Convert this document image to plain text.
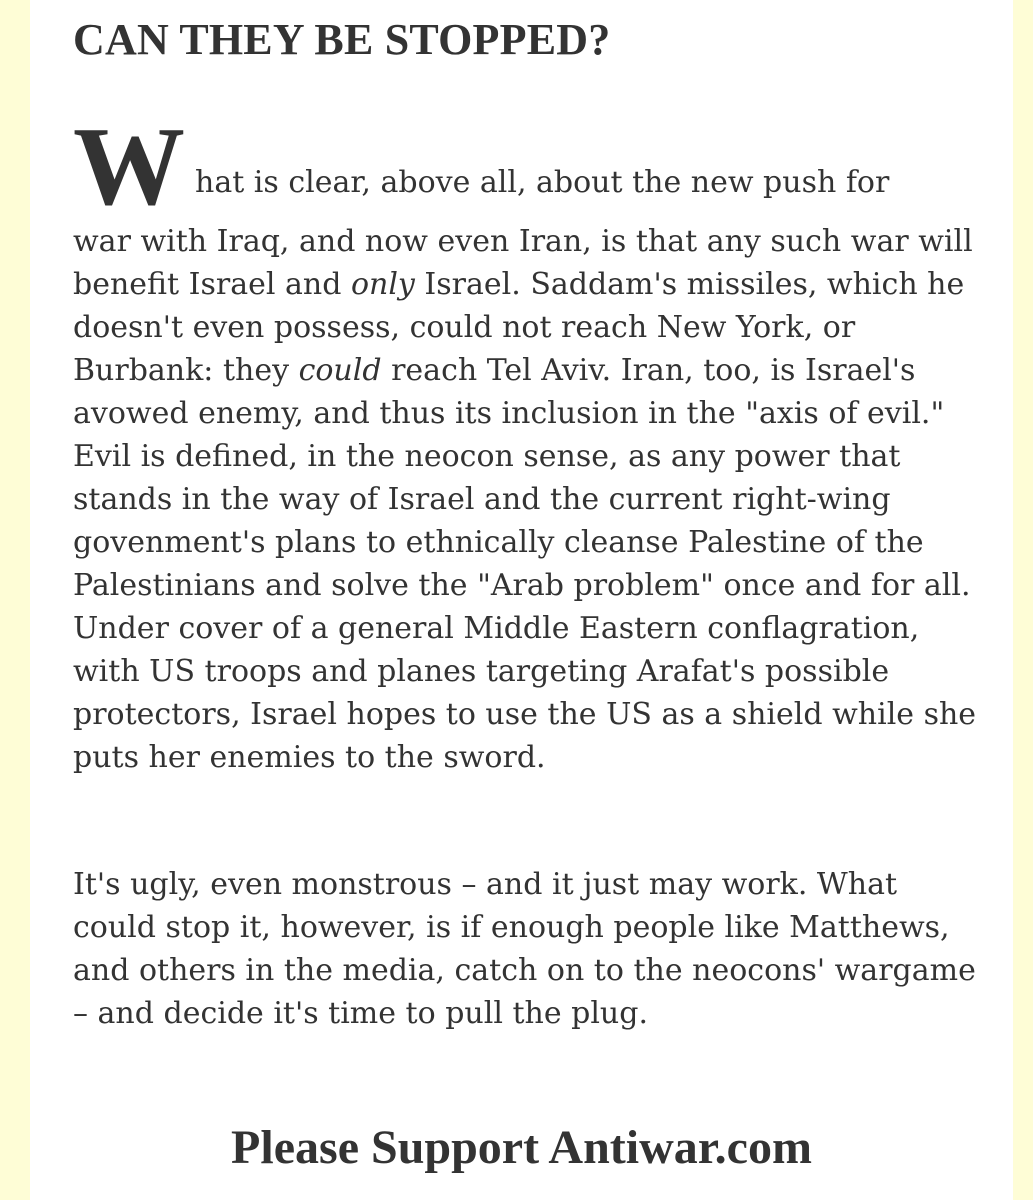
CAN THEY BE STOPPED?

W hat is clear, above all, about the new push for
war with Iraq, and now even Iran, is that any such war will benefit Israel and only Israel. Saddam's missiles, which he doesn't even possess, could not reach New York, or Burbank: they could reach Tel Aviv. Iran, too, is Israel's avowed enemy, and thus its inclusion in the "axis of evil." Evil is defined, in the neocon sense, as any power that stands in the way of Israel and the current right-wing govenment's plans to ethnically cleanse Palestine of the Palestinians and solve the "Arab problem" once and for all. Under cover of a general Middle Eastern conflagration, with US troops and planes targeting Arafat's possible protectors, Israel hopes to use the US as a shield while she puts her enemies to the sword.

It's ugly, even monstrous – and it just may work. What could stop it, however, is if enough people like Matthews, and others in the media, catch on to the neocons' wargame – and decide it's time to pull the plug.

Please Support Antiwar.com
